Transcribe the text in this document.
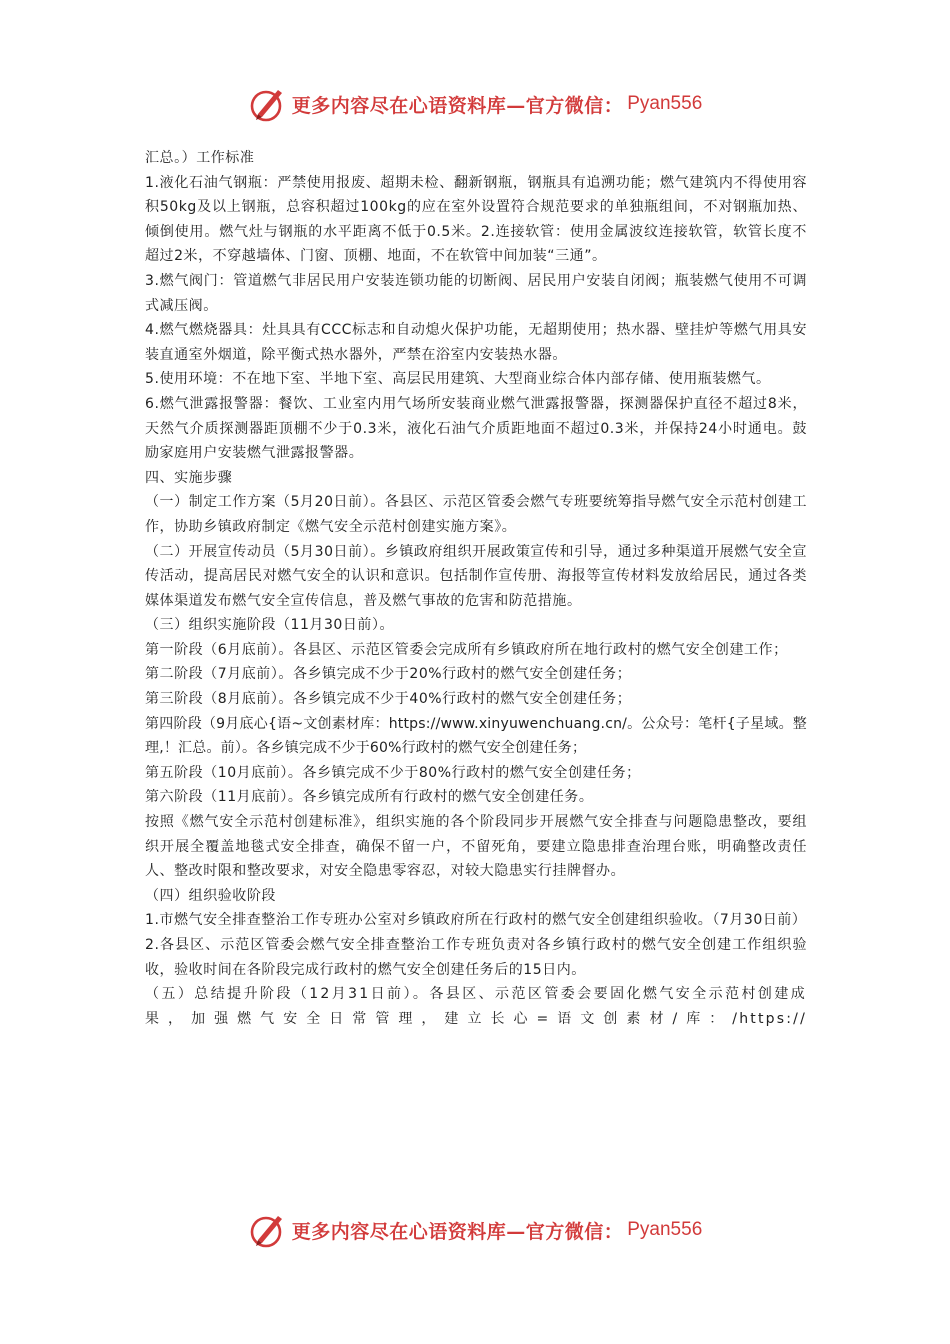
更多内容尽在心语资料库—官方微信： Pyan556

汇总。）工作标准

1.液化石油气钢瓶：严禁使用报废、超期未检、翻新钢瓶，钢瓶具有追溯功能；燃气建筑内不得使用容积50kg及以上钢瓶，总容积超过100kg的应在室外设置符合规范要求的单独瓶组间，不对钢瓶加热、倾倒使用。燃气灶与钢瓶的水平距离不低于0.5米。2.连接软管：使用金属波纹连接软管，软管长度不超过2米，不穿越墙体、门窗、顶棚、地面，不在软管中间加装“三通”。

3.燃气阀门：管道燃气非居民用户安装连锁功能的切断阀、居民用户安装自闭阀；瓶装燃气使用不可调式减压阀。

4.燃气燃烧器具：灶具具有CCC标志和自动熄火保护功能，无超期使用；热水器、壁挂炉等燃气用具安装直通室外烟道，除平衡式热水器外，严禁在浴室内安装热水器。

5.使用环境：不在地下室、半地下室、高层民用建筑、大型商业综合体内部存储、使用瓶装燃气。

6.燃气泄露报警器：餐饮、工业室内用气场所安装商业燃气泄露报警器，探测器保护直径不超过8米，天然气介质探测器距顶棚不少于0.3米，液化石油气介质距地面不超过0.3米，并保持24小时通电。鼓励家庭用户安装燃气泄露报警器。

四、实施步骤

（一）制定工作方案（5月20日前）。各县区、示范区管委会燃气专班要统筹指导燃气安全示范村创建工作，协助乡镇政府制定《燃气安全示范村创建实施方案》。

（二）开展宣传动员（5月30日前）。乡镇政府组织开展政策宣传和引导，通过多种渠道开展燃气安全宣传活动，提高居民对燃气安全的认识和意识。包括制作宣传册、海报等宣传材料发放给居民，通过各类媒体渠道发布燃气安全宣传信息，普及燃气事故的危害和防范措施。

（三）组织实施阶段（11月30日前）。

第一阶段（6月底前）。各县区、示范区管委会完成所有乡镇政府所在地行政村的燃气安全创建工作；

第二阶段（7月底前）。各乡镇完成不少于20%行政村的燃气安全创建任务；

第三阶段（8月底前）。各乡镇完成不少于40%行政村的燃气安全创建任务；

第四阶段（9月底心{语~文创素材库：https://www.xinyuwenchuang.cn/。公众号：笔杆{子星域。整理,！汇总。前）。各乡镇完成不少于60%行政村的燃气安全创建任务；

第五阶段（10月底前）。各乡镇完成不少于80%行政村的燃气安全创建任务；

第六阶段（11月底前）。各乡镇完成所有行政村的燃气安全创建任务。

按照《燃气安全示范村创建标准》，组织实施的各个阶段同步开展燃气安全排查与问题隐患整改，要组织开展全覆盖地毯式安全排查，确保不留一户，不留死角，要建立隐患排查治理台账，明确整改责任人、整改时限和整改要求，对安全隐患零容忍，对较大隐患实行挂牌督办。

（四）组织验收阶段

1.市燃气安全排查整治工作专班办公室对乡镇政府所在行政村的燃气安全创建组织验收。（7月30日前）

2.各县区、示范区管委会燃气安全排查整治工作专班负责对各乡镇行政村的燃气安全创建工作组织验收，验收时间在各阶段完成行政村的燃气安全创建任务后的15日内。

（五）总结提升阶段（12月31日前）。各县区、示范区管委会要固化燃气安全示范村创建成果，加强燃气安全日常管理，建立长心=语文创素材/库：/https://

更多内容尽在心语资料库—官方微信： Pyan556
